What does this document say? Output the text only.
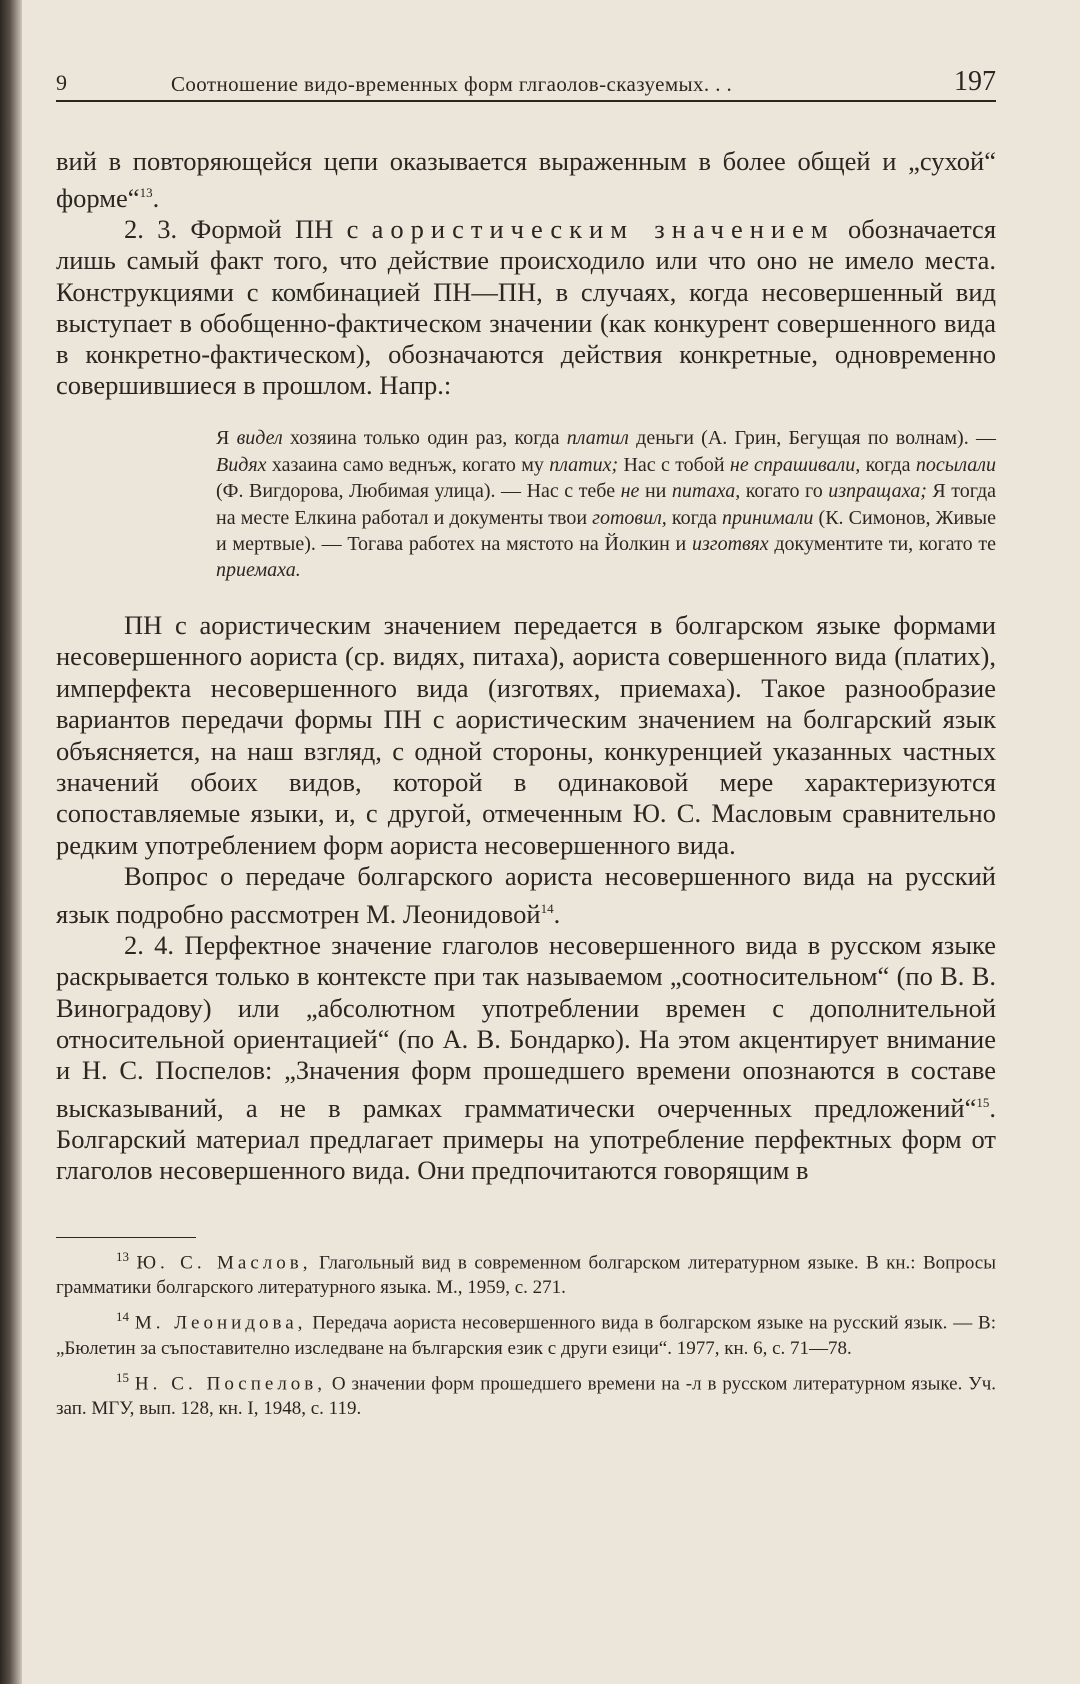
9	Соотношение видо-временных форм глгаолов-сказуемых. . .	197

вий в повторяющейся цепи оказывается выраженным в более общей и „сухой“ форме“$^{13}$.

2. 3. Формой ПН с аористическим значением обозначается лишь самый факт того, что действие происходило или что оно не имело места. Конструкциями с комбинацией ПН—ПН, в случаях, когда несовершенный вид выступает в обобщенно-фактическом значении (как конкурент совершенного вида в конкретно-фактическом), обозначаются действия конкретные, одновременно совершившиеся в прошлом. Напр.:

Я видел хозяина только один раз, когда платил деньги (А. Грин, Бегущая по волнам). — Видях хазаина само веднъж, когато му платих; Нас с тобой не спрашивали, когда посылали (Ф. Вигдорова, Любимая улица). — Нас с тебе не ни питаха, когато го изпращаха; Я тогда на месте Елкина работал и документы твои готовил, когда принимали (К. Симонов, Живые и мертвые). — Тогава работех на мястото на Йолкин и изготвях документите ти, когато те приемаха.

ПН с аористическим значением передается в болгарском языке формами несовершенного аориста (ср. видях, питаха), аориста совершенного вида (платих), имперфекта несовершенного вида (изготвях, приемаха). Такое разнообразие вариантов передачи формы ПН с аористическим значением на болгарский язык объясняется, на наш взгляд, с одной стороны, конкуренцией указанных частных значений обоих видов, которой в одинаковой мере характеризуются сопоставляемые языки, и, с другой, отмеченным Ю. С. Масловым сравнительно редким употреблением форм аориста несовершенного вида.

Вопрос о передаче болгарского аориста несовершенного вида на русский язык подробно рассмотрен М. Леонидовой$^{14}$.

2. 4. Перфектное значение глаголов несовершенного вида в русском языке раскрывается только в контексте при так называемом „соотносительном“ (по В. В. Виноградову) или „абсолютном употреблении времен с дополнительной относительной ориентацией“ (по А. В. Бондарко). На этом акцентирует внимание и Н. С. Поспелов: „Значения форм прошедшего времени опознаются в составе высказываний, а не в рамках грамматически очерченных предложений“$^{15}$. Болгарский материал предлагает примеры на употребление перфектных форм от глаголов несовершенного вида. Они предпочитаются говорящим в

$^{13}$ Ю. С. Маслов, Глагольный вид в современном болгарском литературном языке. В кн.: Вопросы грамматики болгарского литературного языка. М., 1959, с. 271.

$^{14}$ М. Леонидова, Передача аориста несовершенного вида в болгарском языке на русский язык. — В: „Бюлетин за съпоставително изследване на българския език с други езици“. 1977, кн. 6, с. 71—78.

$^{15}$ Н. С. Поспелов, О значении форм прошедшего времени на -л в русском литературном языке. Уч. зап. МГУ, вып. 128, кн. I, 1948, с. 119.
